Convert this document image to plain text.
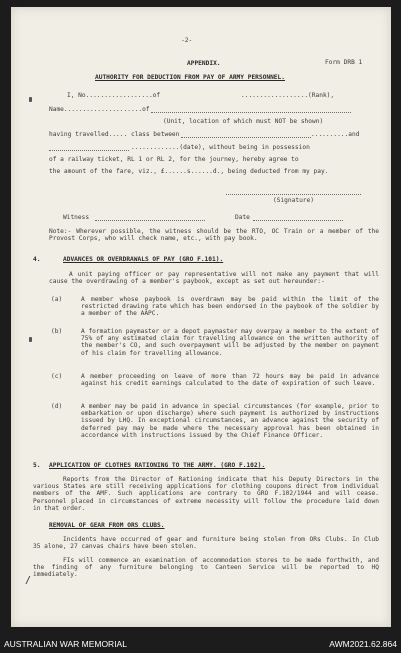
-2-
Form DRB 1
APPENDIX.
AUTHORITY FOR DEDUCTION FROM PAY OF ARMY PERSONNEL.
I, No..................of	..................(Rank),
Name.....................of
(Unit, location of which must NOT be shown)
having travelled..... class between	..........and
.............(date), without being in possession
of a railway ticket, RL 1 or RL 2, for the journey, hereby agree to
the amount of the fare, viz., £......s......d., being deducted from my pay.
(Signature)
Witness	Date
Note:- Wherever possible, the witness should be the RTO, OC Train or a member of the Provost Corps, who will check name, etc., with pay book.
4.	ADVANCES OR OVERDRAWALS OF PAY (GRO F.101).
A unit paying officer or pay representative will not make any payment that will cause the overdrawing of a member's paybook, except as set out hereunder:-
(a)	A member whose paybook is overdrawn may be paid within the limit of the restricted drawing rate which has been endorsed in the paybook of the soldier by a member of the AAPC.
(b)	A formation paymaster or a depot paymaster may overpay a member to the extent of 75% of any estimated claim for travelling allowance on the written authority of the member's CO, and such overpayment will be adjusted by the member on payment of his claim for travelling allowance.
(c)	A member proceeding on leave of more than 72 hours may be paid in advance against his credit earnings calculated to the date of expiration of such leave.
(d)	A member may be paid in advance in special circumstances (for example, prior to embarkation or upon discharge) where such payment is authorized by instructions issued by LHQ. In exceptional circumstances, an advance against the security of deferred pay may be made where the necessary approval has been obtained in accordance with instructions issued by the Chief Finance Officer.
5. APPLICATION OF CLOTHES RATIONING TO THE ARMY. (GRO F.102).
Reports from the Director of Rationing indicate that his Deputy Directors in the various States are still receiving applications for clothing coupons direct from individual members of the AMF. Such applications are contrary to GRO F.102/1944 and will cease. Personnel placed in circumstances of extreme necessity will follow the procedure laid down in that order.
REMOVAL OF GEAR FROM ORS CLUBS.
Incidents have occurred of gear and furniture being stolen from ORs Clubs. In Club 35 alone, 27 canvas chairs have been stolen.
FIs will commence an examination of accommodation stores to be made forthwith, and the finding of any furniture belonging to Canteen Service will be reported to HQ immediately.
/
AUSTRALIAN WAR MEMORIAL	AWM2021.62.864
